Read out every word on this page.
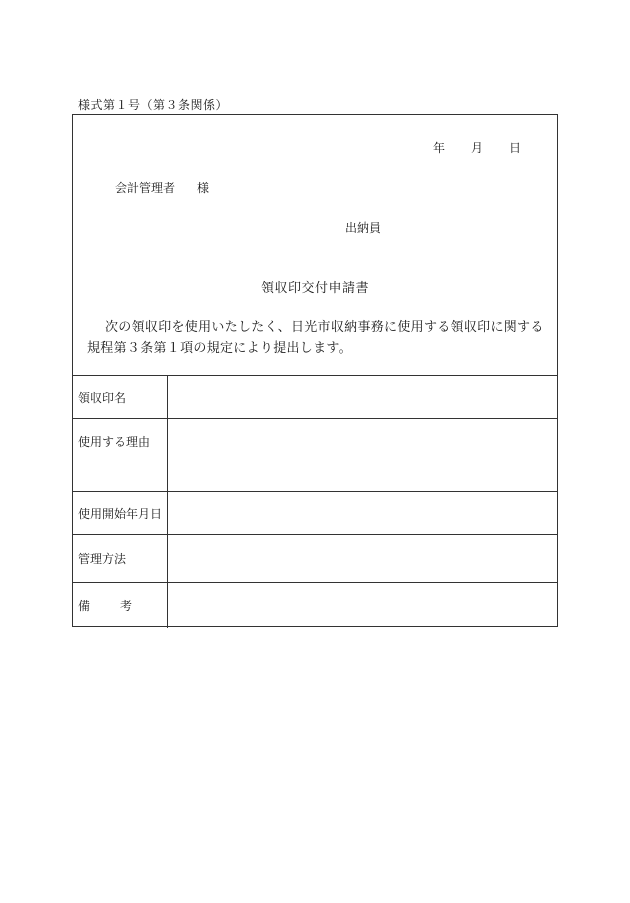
様式第１号（第３条関係）
年 月 日
会計管理者 様
出納員
領収印交付申請書
次の領収印を使用いたしたく、日光市収納事務に使用する領収印に関する規程第３条第１項の規定により提出します。
領収印名	
使用する理由	
使用開始年月日	
管理方法	
備 考	
